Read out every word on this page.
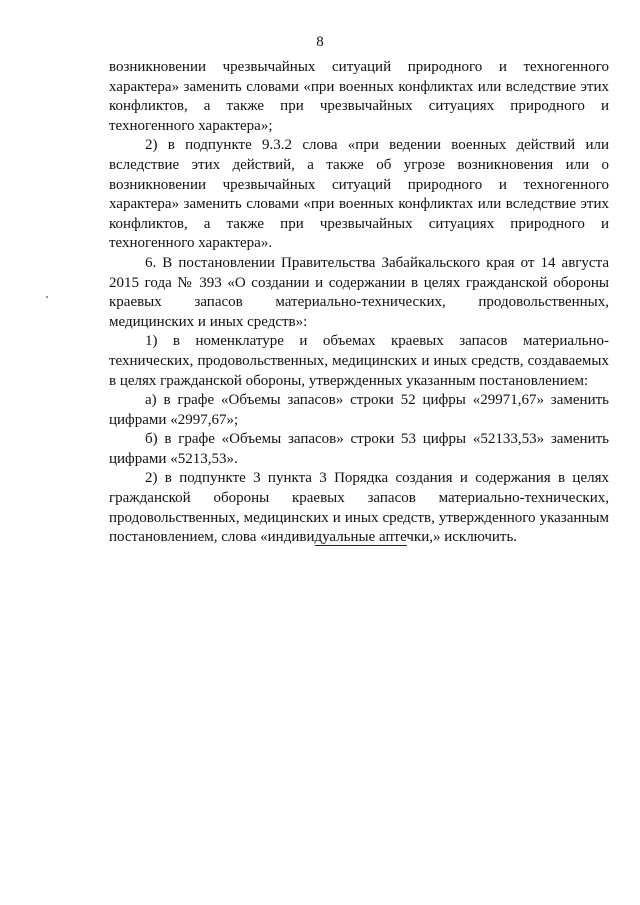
8

возникновении чрезвычайных ситуаций природного и техногенного характера» заменить словами «при военных конфликтах или вследствие этих конфликтов, а также при чрезвычайных ситуациях природного и техногенного характера»;

2) в подпункте 9.3.2 слова «при ведении военных действий или вследствие этих действий, а также об угрозе возникновения или о возникновении чрезвычайных ситуаций природного и техногенного характера» заменить словами «при военных конфликтах или вследствие этих конфликтов, а также при чрезвычайных ситуациях природного и техногенного характера».

6. В постановлении Правительства Забайкальского края от 14 августа 2015 года № 393 «О создании и содержании в целях гражданской обороны краевых запасов материально-технических, продовольственных, медицинских и иных средств»:

1) в номенклатуре и объемах краевых запасов материально-технических, продовольственных, медицинских и иных средств, создаваемых в целях гражданской обороны, утвержденных указанным постановлением:

а) в графе «Объемы запасов» строки 52 цифры «29971,67» заменить цифрами «2997,67»;

б) в графе «Объемы запасов» строки 53 цифры «52133,53» заменить цифрами «5213,53».

2) в подпункте 3 пункта 3 Порядка создания и содержания в целях гражданской обороны краевых запасов материально-технических, продовольственных, медицинских и иных средств, утвержденного указанным постановлением, слова «индивидуальные аптечки,» исключить.
